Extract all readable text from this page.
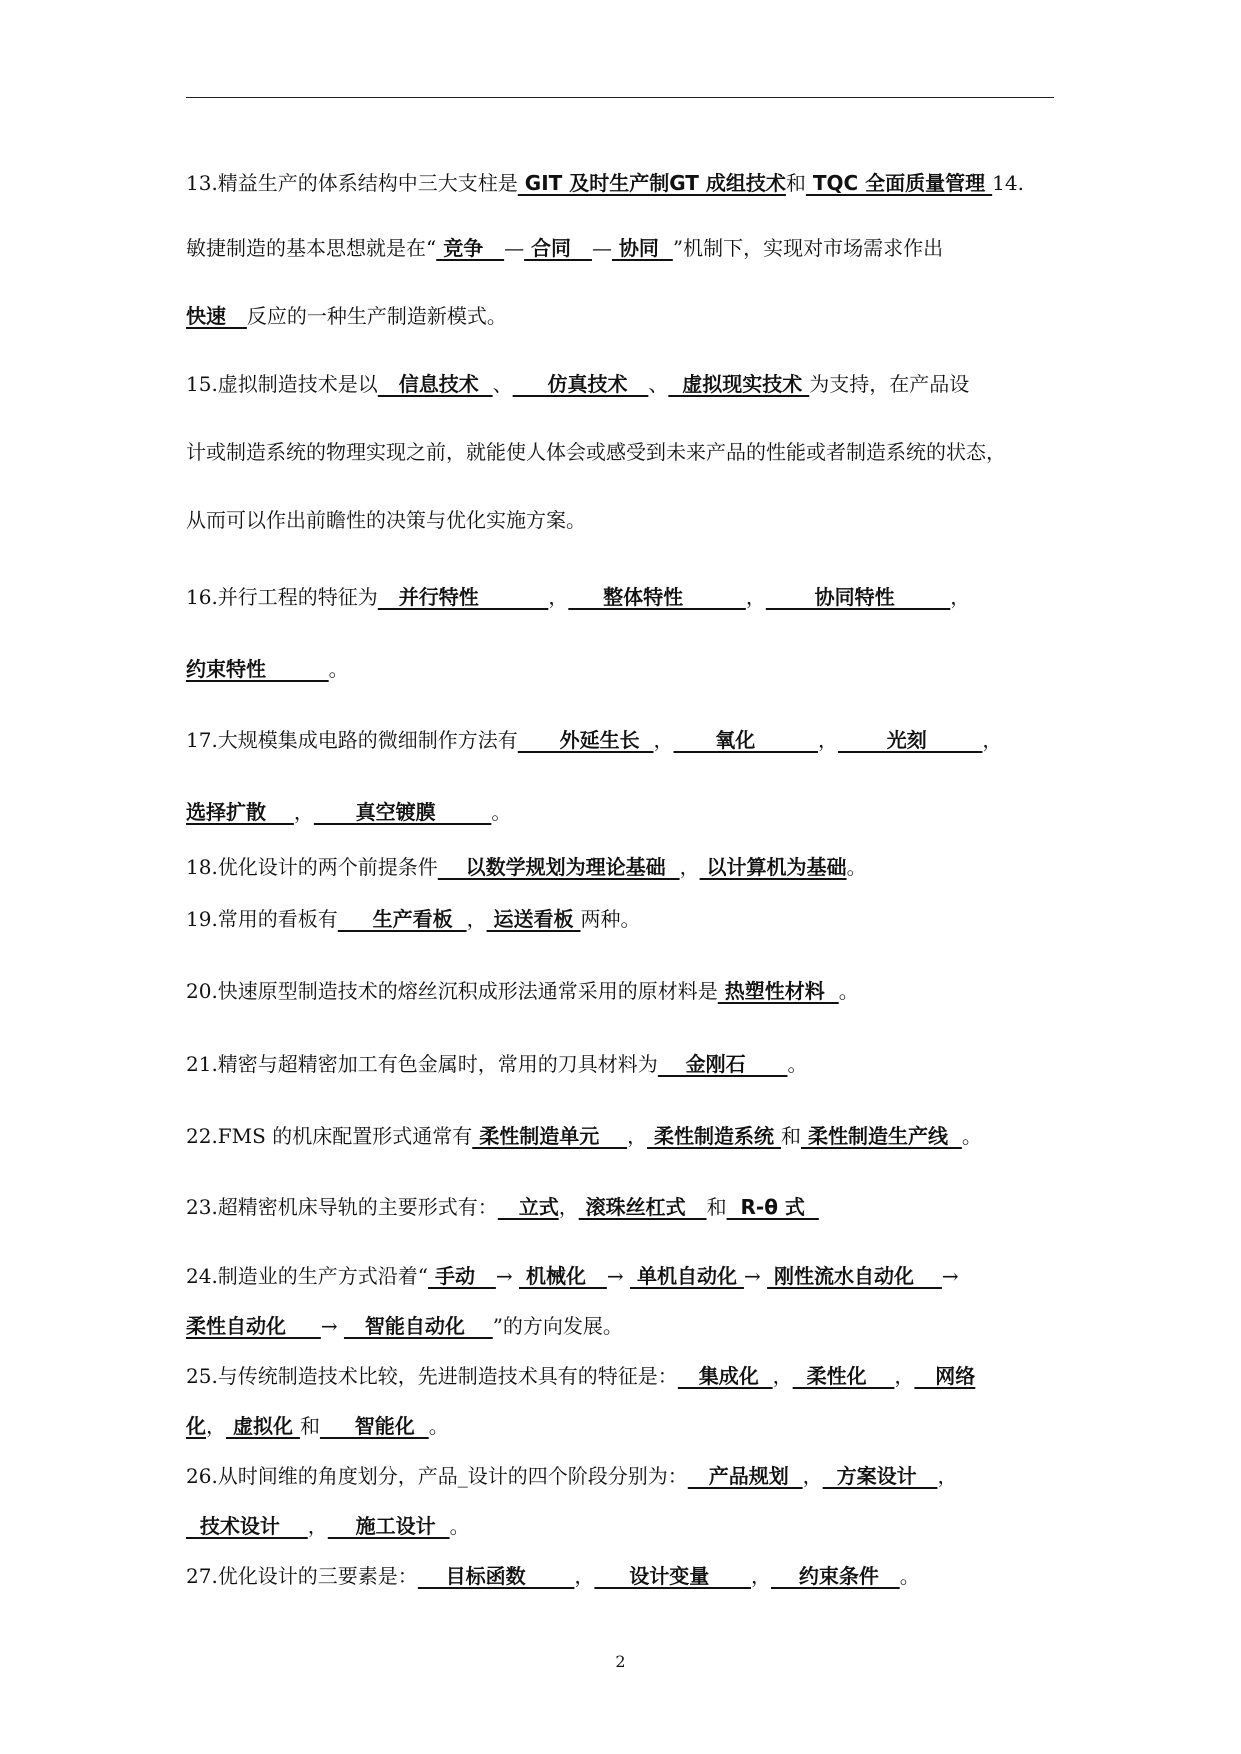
13.精益生产的体系结构中三大支柱是 GIT 及时生产制GT 成组技术和 TQC 全面质量管理 14.
敏捷制造的基本思想就是在“ 竞争   — 合同   — 协同  ”机制下，实现对市场需求作出
快速   反应的一种生产制造新模式。
15.虚拟制造技术是以   信息技术  、     仿真技术   、  虚拟现实技术 为支持，在产品设
计或制造系统的物理实现之前，就能使人体会或感受到未来产品的性能或者制造系统的状态，
从而可以作出前瞻性的决策与优化实施方案。
16.并行工程的特征为   并行特性          ，     整体特性         ，       协同特性        ，
约束特性         。
17.大规模集成电路的微细制作方法有      外延生长  ，      氧化         ，       光刻        ，
选择扩散    ，      真空镀膜        。
18.优化设计的两个前提条件    以数学规划为理论基础  ， 以计算机为基础。
19.常用的看板有     生产看板  ， 运送看板 两种。
20.快速原型制造技术的熔丝沉积成形法通常采用的原材料是 热塑性材料  。
21.精密与超精密加工有色金属时，常用的刀具材料为    金刚石      。
22.FMS 的机床配置形式通常有 柔性制造单元    ， 柔性制造系统 和 柔性制造生产线  。
23.超精密机床导轨的主要形式有：   立式， 滚珠丝杠式   和  R-θ 式
24.制造业的生产方式沿着“ 手动   →  机械化   →  单机自动化 →  刚性流水自动化    →
柔性自动化     →    智能自动化    ”的方向发展。
25.与传统制造技术比较，先进制造技术具有的特征是：   集成化  ，  柔性化    ，   网络
化， 虚拟化 和     智能化  。
26.从时间维的角度划分，产品_设计的四个阶段分别为：   产品规划  ，  方案设计   ，
技术设计    ，    施工设计  。
27.优化设计的三要素是：    目标函数       ，     设计变量      ，    约束条件   。
2
